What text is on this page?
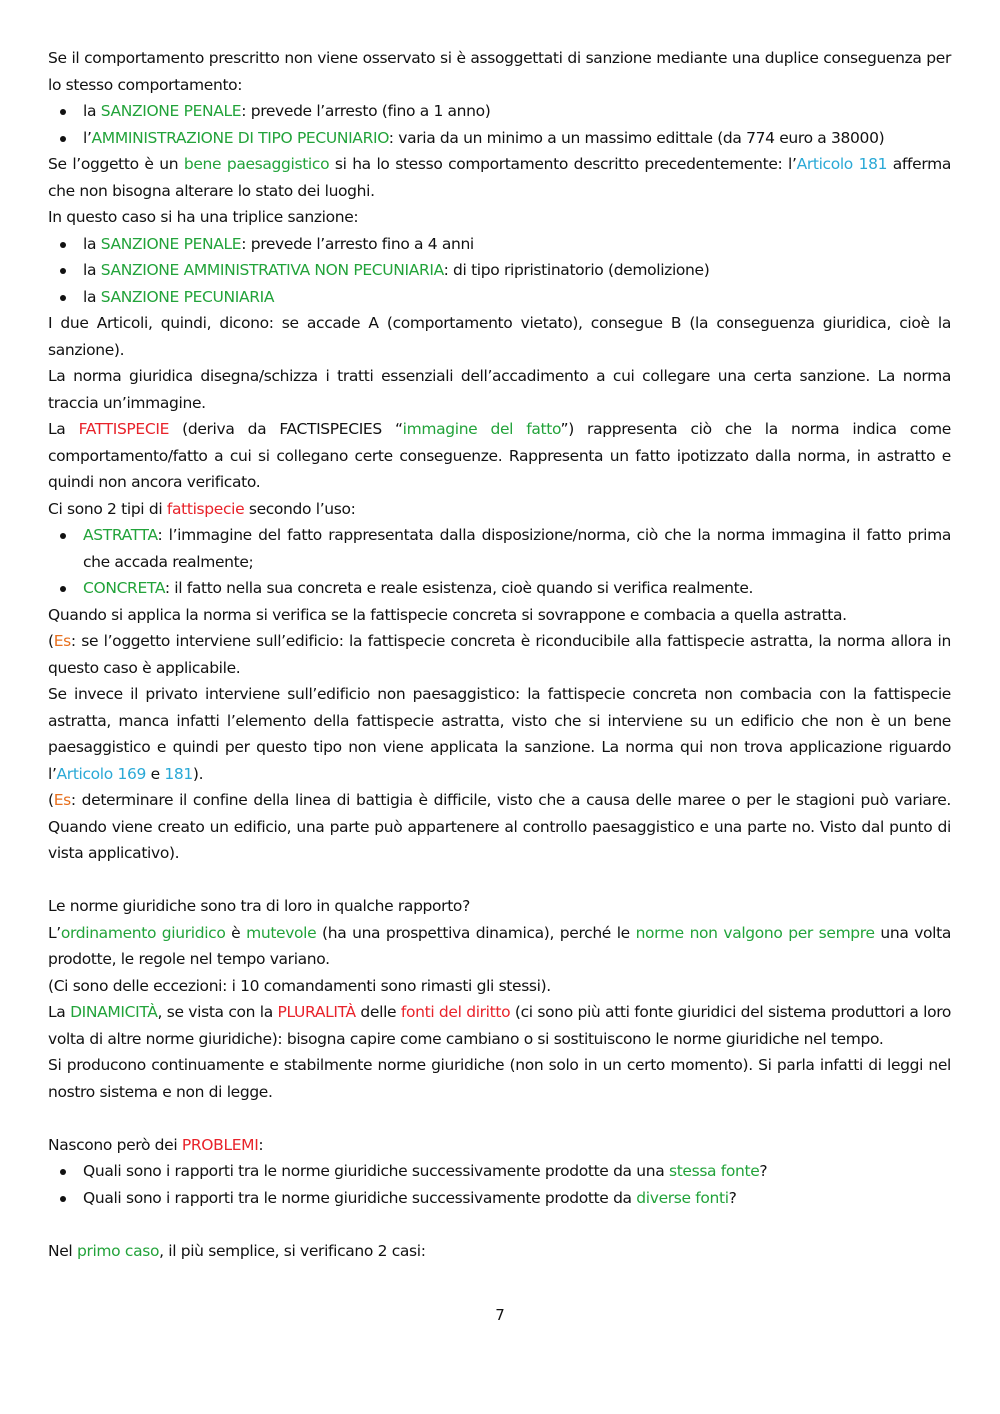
Se il comportamento prescritto non viene osservato si è assoggettati di sanzione mediante una duplice conseguenza per lo stesso comportamento:

la SANZIONE PENALE: prevede l’arresto (fino a 1 anno)
l’AMMINISTRAZIONE DI TIPO PECUNIARIO: varia da un minimo a un massimo edittale (da 774 euro a 38000)

Se l’oggetto è un bene paesaggistico si ha lo stesso comportamento descritto precedentemente: l’Articolo 181 afferma che non bisogna alterare lo stato dei luoghi.

In questo caso si ha una triplice sanzione:

la SANZIONE PENALE: prevede l’arresto fino a 4 anni
la SANZIONE AMMINISTRATIVA NON PECUNIARIA: di tipo ripristinatorio (demolizione)
la SANZIONE PECUNIARIA

I due Articoli, quindi, dicono: se accade A (comportamento vietato), consegue B (la conseguenza giuridica, cioè la sanzione).

La norma giuridica disegna/schizza i tratti essenziali dell’accadimento a cui collegare una certa sanzione. La norma traccia un’immagine.

La FATTISPECIE (deriva da FACTISPECIES “immagine del fatto”) rappresenta ciò che la norma indica come comportamento/fatto a cui si collegano certe conseguenze. Rappresenta un fatto ipotizzato dalla norma, in astratto e quindi non ancora verificato.

Ci sono 2 tipi di fattispecie secondo l’uso:

ASTRATTA: l’immagine del fatto rappresentata dalla disposizione/norma, ciò che la norma immagina il fatto prima che accada realmente;
CONCRETA: il fatto nella sua concreta e reale esistenza, cioè quando si verifica realmente.

Quando si applica la norma si verifica se la fattispecie concreta si sovrappone e combacia a quella astratta.

(Es: se l’oggetto interviene sull’edificio: la fattispecie concreta è riconducibile alla fattispecie astratta, la norma allora in questo caso è applicabile.

Se invece il privato interviene sull’edificio non paesaggistico: la fattispecie concreta non combacia con la fattispecie astratta, manca infatti l’elemento della fattispecie astratta, visto che si interviene su un edificio che non è un bene paesaggistico e quindi per questo tipo non viene applicata la sanzione. La norma qui non trova applicazione riguardo l’Articolo 169 e 181).

(Es: determinare il confine della linea di battigia è difficile, visto che a causa delle maree o per le stagioni può variare. Quando viene creato un edificio, una parte può appartenere al controllo paesaggistico e una parte no. Visto dal punto di vista applicativo).

Le norme giuridiche sono tra di loro in qualche rapporto?

L’ordinamento giuridico è mutevole (ha una prospettiva dinamica), perché le norme non valgono per sempre una volta prodotte, le regole nel tempo variano.

(Ci sono delle eccezioni: i 10 comandamenti sono rimasti gli stessi).

La DINAMICITÀ, se vista con la PLURALITÀ delle fonti del diritto (ci sono più atti fonte giuridici del sistema produttori a loro volta di altre norme giuridiche): bisogna capire come cambiano o si sostituiscono le norme giuridiche nel tempo.

Si producono continuamente e stabilmente norme giuridiche (non solo in un certo momento). Si parla infatti di leggi nel nostro sistema e non di legge.

Nascono però dei PROBLEMI:

Quali sono i rapporti tra le norme giuridiche successivamente prodotte da una stessa fonte?
Quali sono i rapporti tra le norme giuridiche successivamente prodotte da diverse fonti?

Nel primo caso, il più semplice, si verificano 2 casi:

7
